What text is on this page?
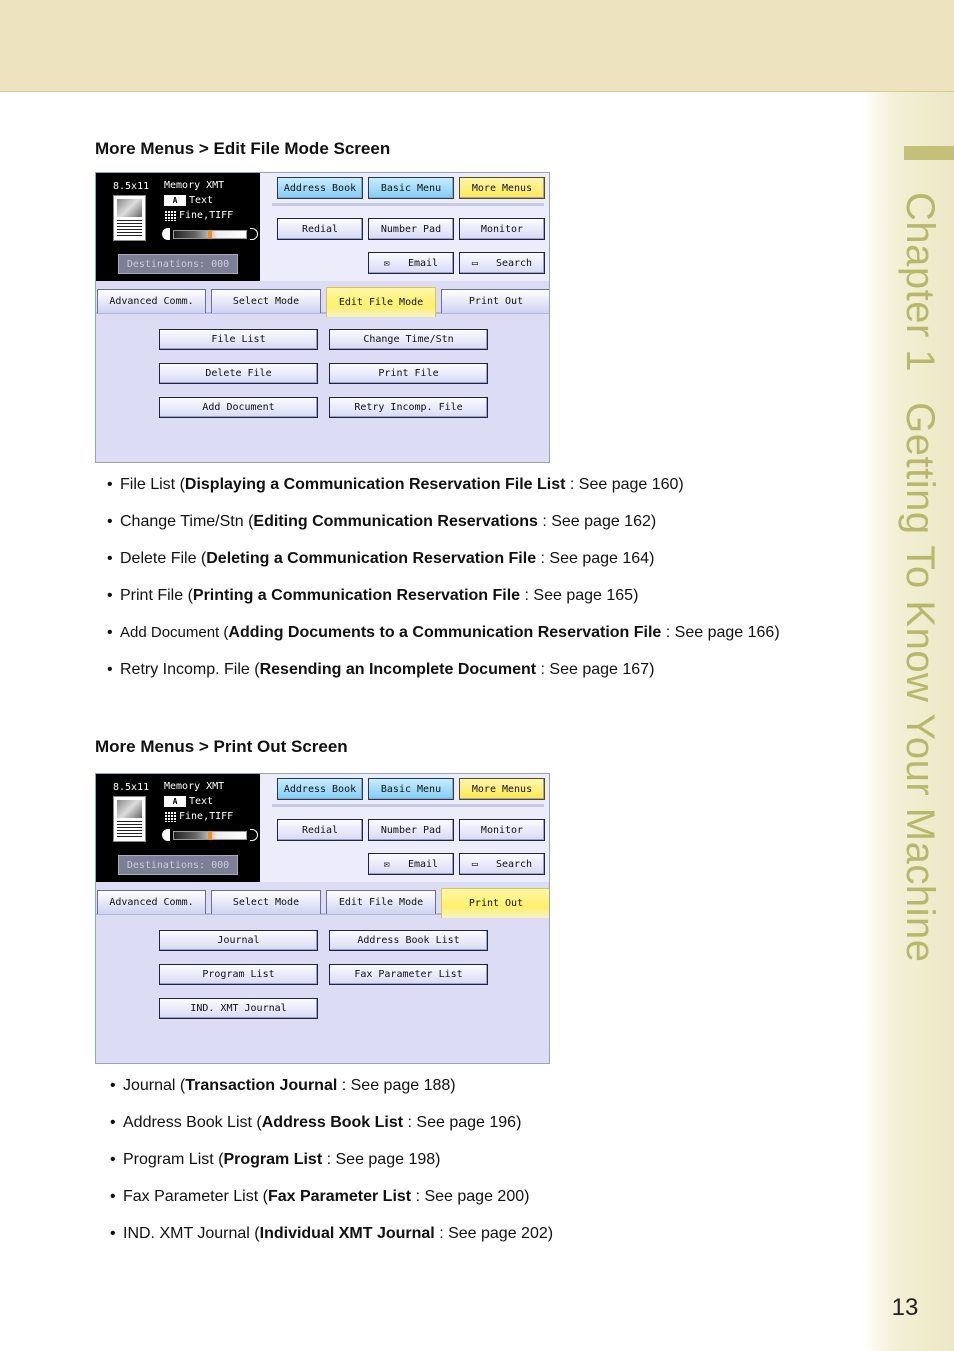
Chapter 1Getting To Know Your Machine
More Menus > Edit File Mode Screen
8.5x11 Memory XMT
A	Text
Fine,TIFF
Destinations: 000
Address Book	Basic Menu	More Menus
Redial	Number Pad	Monitor
✉ Email	▭ Search
Advanced Comm.	Select Mode	Edit File Mode	Print Out
File List	Change Time/Stn
Delete File	Print File
Add Document	Retry Incomp. File
• File List (Displaying a Communication Reservation File List : See page 160)
• Change Time/Stn (Editing Communication Reservations : See page 162)
• Delete File (Deleting a Communication Reservation File : See page 164)
• Print File (Printing a Communication Reservation File : See page 165)
• Add Document (Adding Documents to a Communication Reservation File : See page 166)
• Retry Incomp. File (Resending an Incomplete Document : See page 167)
More Menus > Print Out Screen
8.5x11 Memory XMT
A	Text
Fine,TIFF
Destinations: 000
Address Book	Basic Menu	More Menus
Redial	Number Pad	Monitor
✉ Email	▭ Search
Advanced Comm.	Select Mode	Edit File Mode	Print Out
Journal	Address Book List
Program List	Fax Parameter List
IND. XMT Journal
• Journal (Transaction Journal : See page 188)
• Address Book List (Address Book List : See page 196)
• Program List (Program List : See page 198)
• Fax Parameter List (Fax Parameter List : See page 200)
• IND. XMT Journal (Individual XMT Journal : See page 202)
13
